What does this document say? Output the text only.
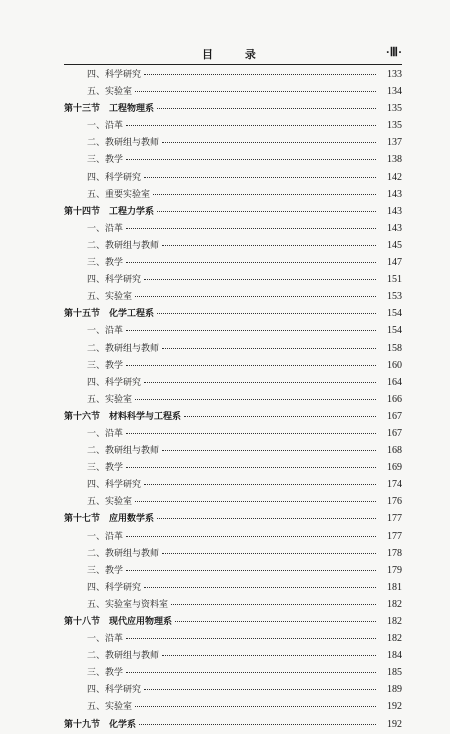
目 录	·Ⅲ·
四、科学研究	133
五、实验室	134
第十三节　工程物理系	135
一、沿革	135
二、教研组与教师	137
三、教学	138
四、科学研究	142
五、重要实验室	143
第十四节　工程力学系	143
一、沿革	143
二、教研组与教师	145
三、教学	147
四、科学研究	151
五、实验室	153
第十五节　化学工程系	154
一、沿革	154
二、教研组与教师	158
三、教学	160
四、科学研究	164
五、实验室	166
第十六节　材料科学与工程系	167
一、沿革	167
二、教研组与教师	168
三、教学	169
四、科学研究	174
五、实验室	176
第十七节　应用数学系	177
一、沿革	177
二、教研组与教师	178
三、教学	179
四、科学研究	181
五、实验室与资料室	182
第十八节　现代应用物理系	182
一、沿革	182
二、教研组与教师	184
三、教学	185
四、科学研究	189
五、实验室	192
第十九节　化学系	192
